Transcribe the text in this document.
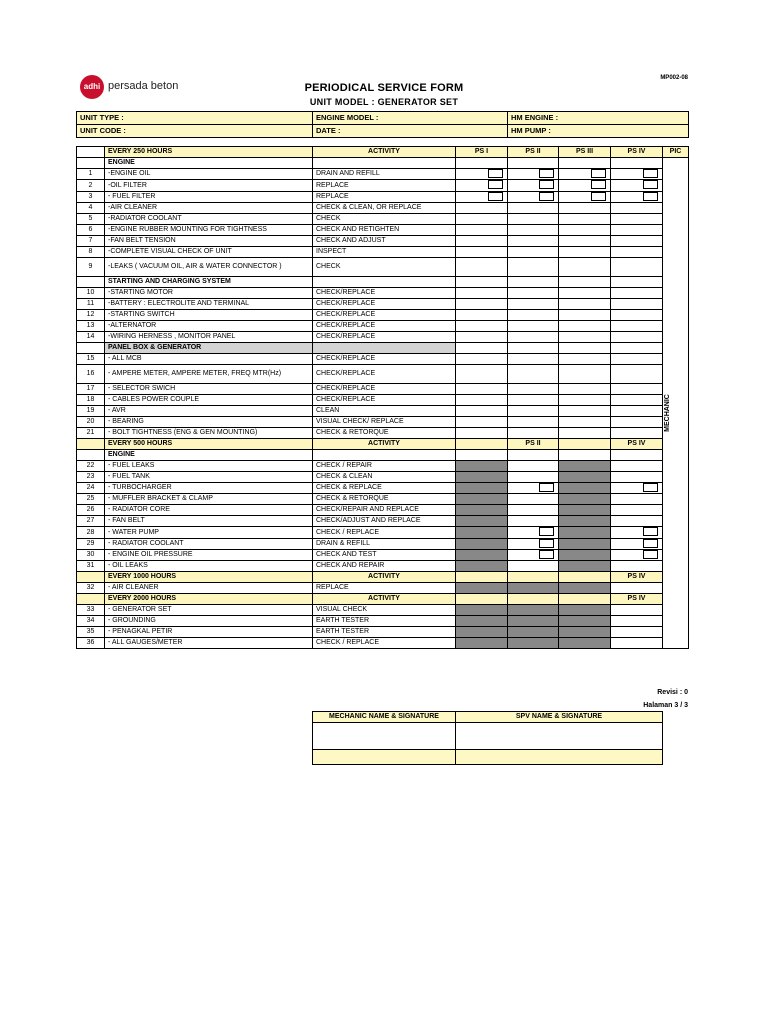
adhi persada beton
MP002-08
PERIODICAL SERVICE FORM
UNIT MODEL : GENERATOR SET
UNIT TYPE :	ENGINE MODEL :	HM ENGINE :
UNIT CODE :	DATE :	HM PUMP :
	EVERY 250 HOURS	ACTIVITY	PS I	PS II	PS III	PS IV	PIC
	ENGINE						MECHANIC

1	-ENGINE OIL	DRAIN AND REFILL					
2	-OIL FILTER	REPLACE					
3	- FUEL FILTER	REPLACE					
4	-AIR CLEANER	CHECK & CLEAN, OR REPLACE					
5	-RADIATOR COOLANT	CHECK					
6	-ENGINE RUBBER MOUNTING FOR TIGHTNESS	CHECK AND RETIGHTEN					
7	-FAN BELT TENSION	CHECK AND ADJUST					
8	-COMPLETE VISUAL CHECK OF UNIT	INSPECT					
9	-LEAKS ( VACUUM OIL, AIR & WATER CONNECTOR )	CHECK					
	STARTING AND CHARGING SYSTEM						
10	-STARTING MOTOR	CHECK/REPLACE					
11	-BATTERY : ELECTROLITE AND TERMINAL	CHECK/REPLACE					
12	-STARTING SWITCH	CHECK/REPLACE					
13	-ALTERNATOR	CHECK/REPLACE					
14	-WIRING HERNESS , MONITOR PANEL	CHECK/REPLACE					
	PANEL BOX & GENERATOR						
15	- ALL MCB	CHECK/REPLACE					
16	- AMPERE METER, AMPERE METER, FREQ MTR(Hz)	CHECK/REPLACE					
17	- SELECTOR SWICH	CHECK/REPLACE					
18	- CABLES POWER COUPLE	CHECK/REPLACE					
19	- AVR	CLEAN					
20	- BEARING	VISUAL CHECK/ REPLACE					
21	- BOLT TIGHTNESS (ENG & GEN MOUNTING)	CHECK & RETORQUE					
	EVERY 500 HOURS	ACTIVITY		PS II		PS IV	
	ENGINE						
22	- FUEL LEAKS	CHECK / REPAIR					
23	- FUEL TANK	CHECK & CLEAN					
24	- TURBOCHARGER	CHECK & REPLACE					
25	- MUFFLER BRACKET & CLAMP	CHECK & RETORQUE					
26	- RADIATOR CORE	CHECK/REPAIR AND REPLACE					
27	- FAN BELT	CHECK/ADJUST AND REPLACE					
28	- WATER PUMP	CHECK / REPLACE					
29	- RADIATOR COOLANT	DRAIN & REFILL					
30	- ENGINE OIL PRESSURE	CHECK AND TEST					
31	- OIL LEAKS	CHECK AND REPAIR					
	EVERY 1000 HOURS	ACTIVITY				PS IV	
32	- AIR CLEANER	REPLACE					
	EVERY 2000 HOURS	ACTIVITY				PS IV	
33	- GENERATOR SET	VISUAL CHECK					
34	- GROUNDING	EARTH TESTER					
35	- PENAGKAL PETIR	EARTH TESTER					
36	- ALL GAUGES/METER	CHECK / REPLACE					
Revisi : 0
Halaman 3 / 3
MECHANIC NAME & SIGNATURE	SPV NAME & SIGNATURE
